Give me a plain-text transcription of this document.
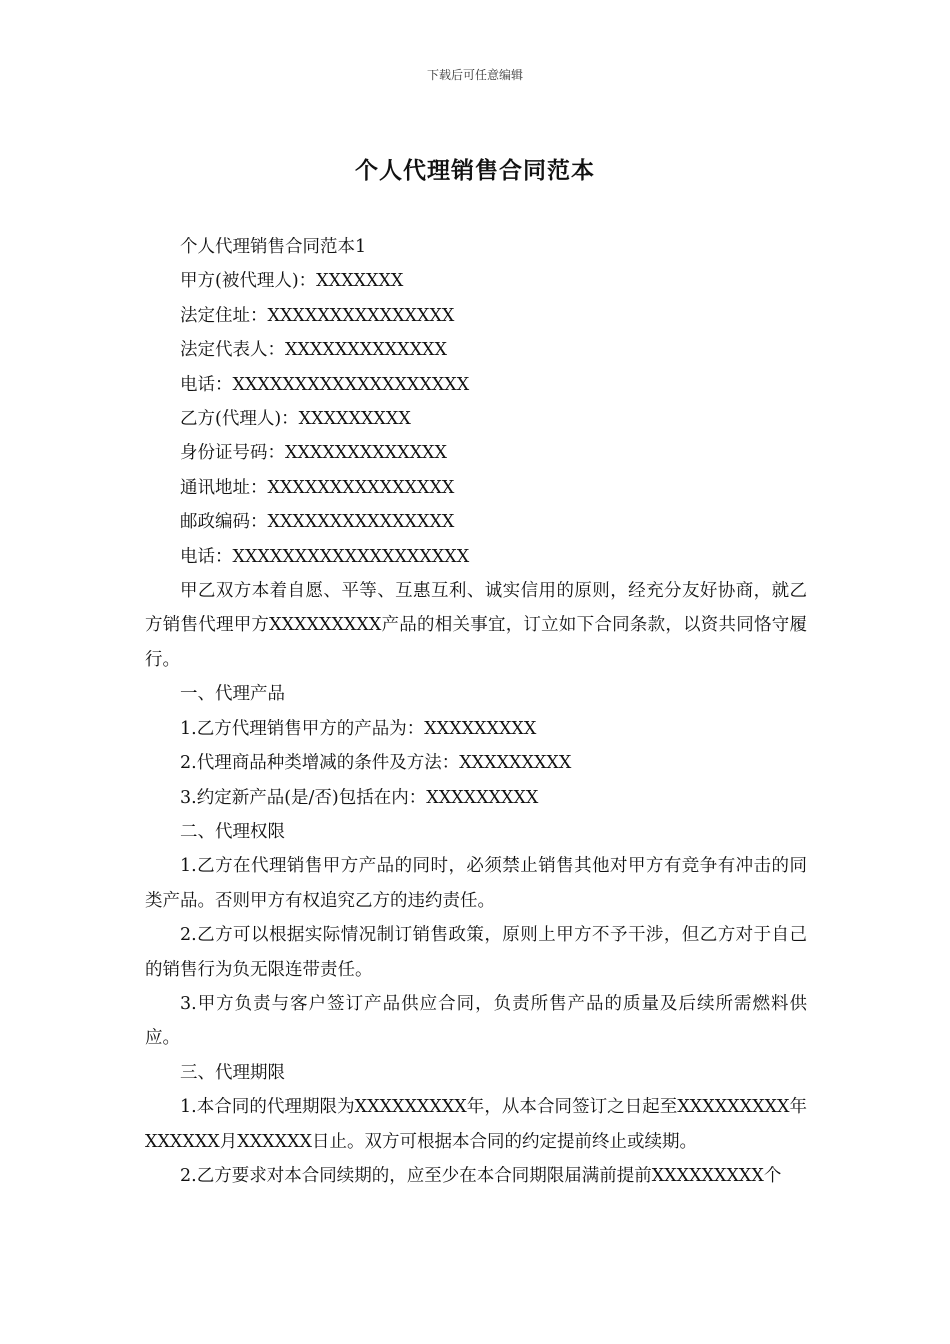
下载后可任意编辑
个人代理销售合同范本

个人代理销售合同范本1

甲方(被代理人)：XXXXXXX

法定住址：XXXXXXXXXXXXXXX

法定代表人：XXXXXXXXXXXXX

电话：XXXXXXXXXXXXXXXXXXX

乙方(代理人)：XXXXXXXXX

身份证号码：XXXXXXXXXXXXX

通讯地址：XXXXXXXXXXXXXXX

邮政编码：XXXXXXXXXXXXXXX

电话：XXXXXXXXXXXXXXXXXXX

甲乙双方本着自愿、平等、互惠互利、诚实信用的原则，经充分友好协商，就乙方销售代理甲方XXXXXXXXX产品的相关事宜，订立如下合同条款，以资共同恪守履行。

一、代理产品

1.乙方代理销售甲方的产品为：XXXXXXXXX

2.代理商品种类增减的条件及方法：XXXXXXXXX

3.约定新产品(是/否)包括在内：XXXXXXXXX

二、代理权限

1.乙方在代理销售甲方产品的同时，必须禁止销售其他对甲方有竞争有冲击的同类产品。否则甲方有权追究乙方的违约责任。

2.乙方可以根据实际情况制订销售政策，原则上甲方不予干涉，但乙方对于自己的销售行为负无限连带责任。

3.甲方负责与客户签订产品供应合同，负责所售产品的质量及后续所需燃料供应。

三、代理期限

1.本合同的代理期限为XXXXXXXXX年，从本合同签订之日起至XXXXXXXXX年XXXXXX月XXXXXX日止。双方可根据本合同的约定提前终止或续期。

2.乙方要求对本合同续期的，应至少在本合同期限届满前提前XXXXXXXXX个
